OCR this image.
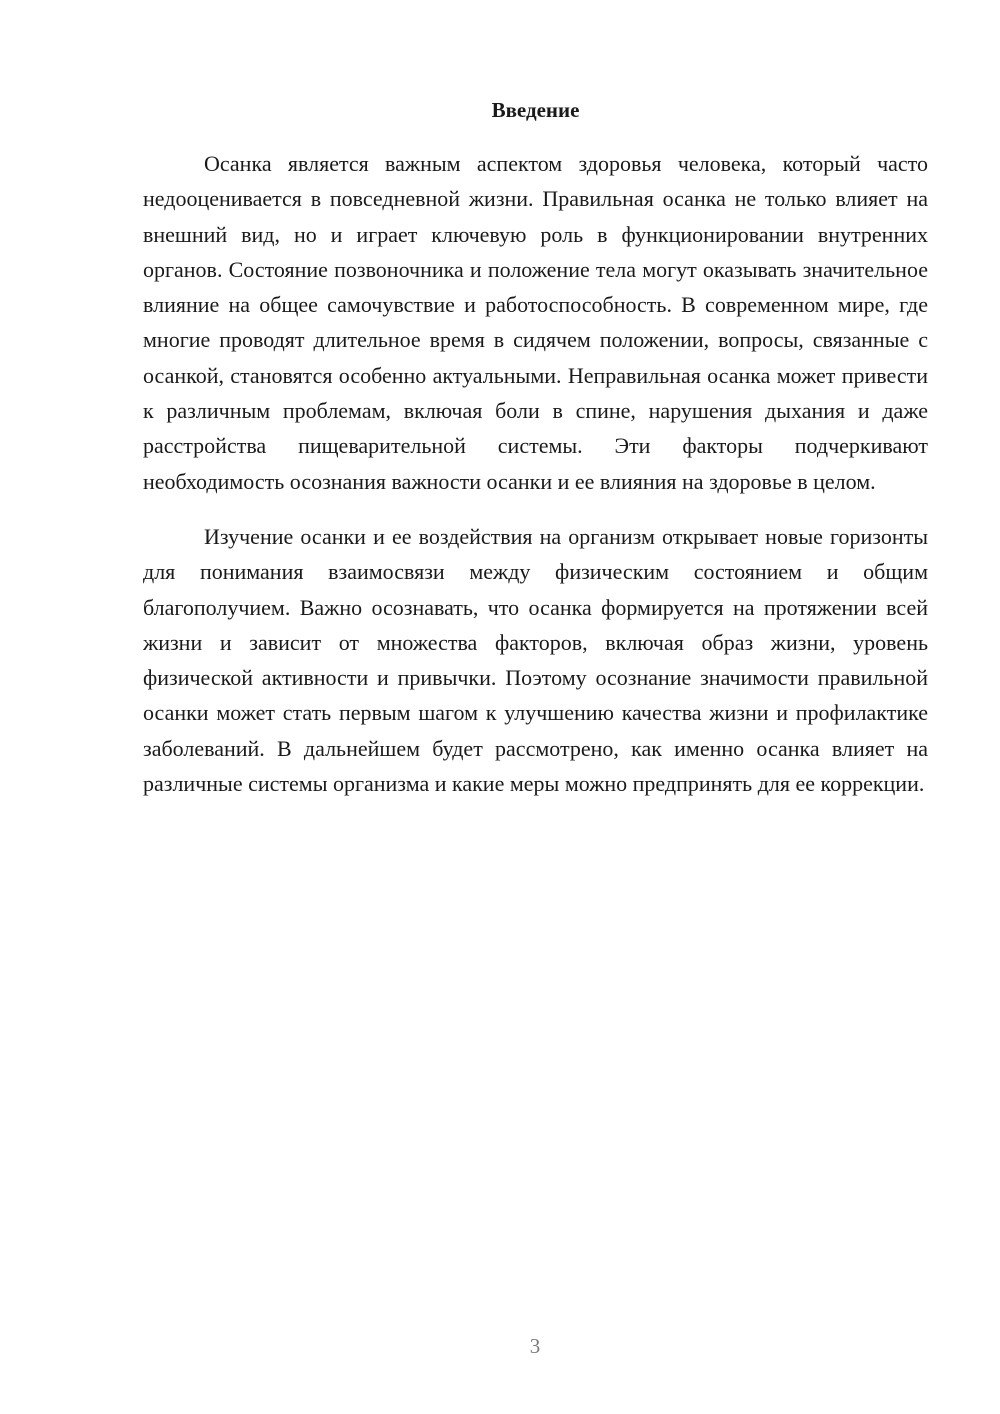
Введение

Осанка является важным аспектом здоровья человека, который часто недооценивается в повседневной жизни. Правильная осанка не только влияет на внешний вид, но и играет ключевую роль в функционировании внутренних органов. Состояние позвоночника и положение тела могут оказывать значительное влияние на общее самочувствие и работоспособность. В современном мире, где многие проводят длительное время в сидячем положении, вопросы, связанные с осанкой, становятся особенно актуальными. Неправильная осанка может привести к различным проблемам, включая боли в спине, нарушения дыхания и даже расстройства пищеварительной системы. Эти факторы подчеркивают необходимость осознания важности осанки и ее влияния на здоровье в целом.

Изучение осанки и ее воздействия на организм открывает новые горизонты для понимания взаимосвязи между физическим состоянием и общим благополучием. Важно осознавать, что осанка формируется на протяжении всей жизни и зависит от множества факторов, включая образ жизни, уровень физической активности и привычки. Поэтому осознание значимости правильной осанки может стать первым шагом к улучшению качества жизни и профилактике заболеваний. В дальнейшем будет рассмотрено, как именно осанка влияет на различные системы организма и какие меры можно предпринять для ее коррекции.

3
